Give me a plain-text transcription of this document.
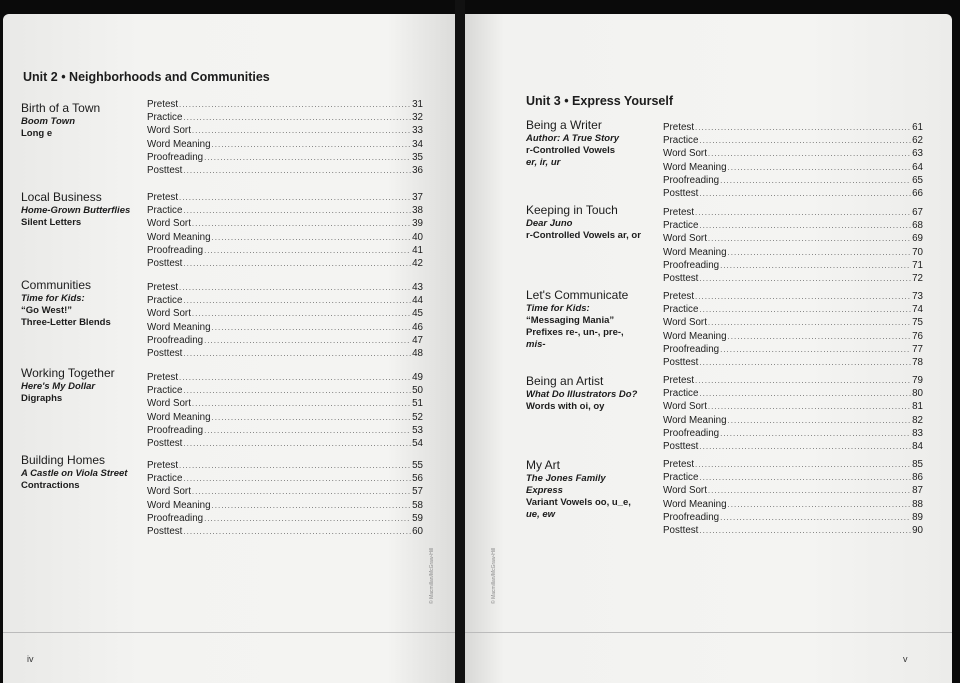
Unit 2 • Neighborhoods and Communities
Birth of a Town
Boom Town
Long e
Pretest .....	31
Practice .....	32
Word Sort .....	33
Word Meaning .....	34
Proofreading .....	35
Posttest .....	36
Local Business
Home-Grown Butterflies
Silent Letters
Pretest .....	37
Practice .....	38
Word Sort .....	39
Word Meaning .....	40
Proofreading .....	41
Posttest .....	42
Communities
Time for Kids:
“Go West!”
Three-Letter Blends
Pretest .....	43
Practice .....	44
Word Sort .....	45
Word Meaning .....	46
Proofreading .....	47
Posttest .....	48
Working Together
Here's My Dollar
Digraphs
Pretest .....	49
Practice .....	50
Word Sort .....	51
Word Meaning .....	52
Proofreading .....	53
Posttest .....	54
Building Homes
A Castle on Viola Street
Contractions
Pretest .....	55
Practice .....	56
Word Sort .....	57
Word Meaning .....	58
Proofreading .....	59
Posttest .....	60
iv
© Macmillan/McGraw-Hill
Unit 3 • Express Yourself
Being a Writer
Author: A True Story
r-Controlled Vowels
er, ir, ur
Pretest .....	61
Practice .....	62
Word Sort .....	63
Word Meaning .....	64
Proofreading .....	65
Posttest .....	66
Keeping in Touch
Dear Juno
r-Controlled Vowels ar, or
Pretest .....	67
Practice .....	68
Word Sort .....	69
Word Meaning .....	70
Proofreading .....	71
Posttest .....	72
Let's Communicate
Time for Kids:
“Messaging Mania”
Prefixes re-, un-, pre-,
mis-
Pretest .....	73
Practice .....	74
Word Sort .....	75
Word Meaning .....	76
Proofreading .....	77
Posttest .....	78
Being an Artist
What Do Illustrators Do?
Words with oi, oy
Pretest .....	79
Practice .....	80
Word Sort .....	81
Word Meaning .....	82
Proofreading .....	83
Posttest .....	84
My Art
The Jones Family
Express
Variant Vowels oo, u_e,
ue, ew
Pretest .....	85
Practice .....	86
Word Sort .....	87
Word Meaning .....	88
Proofreading .....	89
Posttest .....	90
v
© Macmillan/McGraw-Hill
